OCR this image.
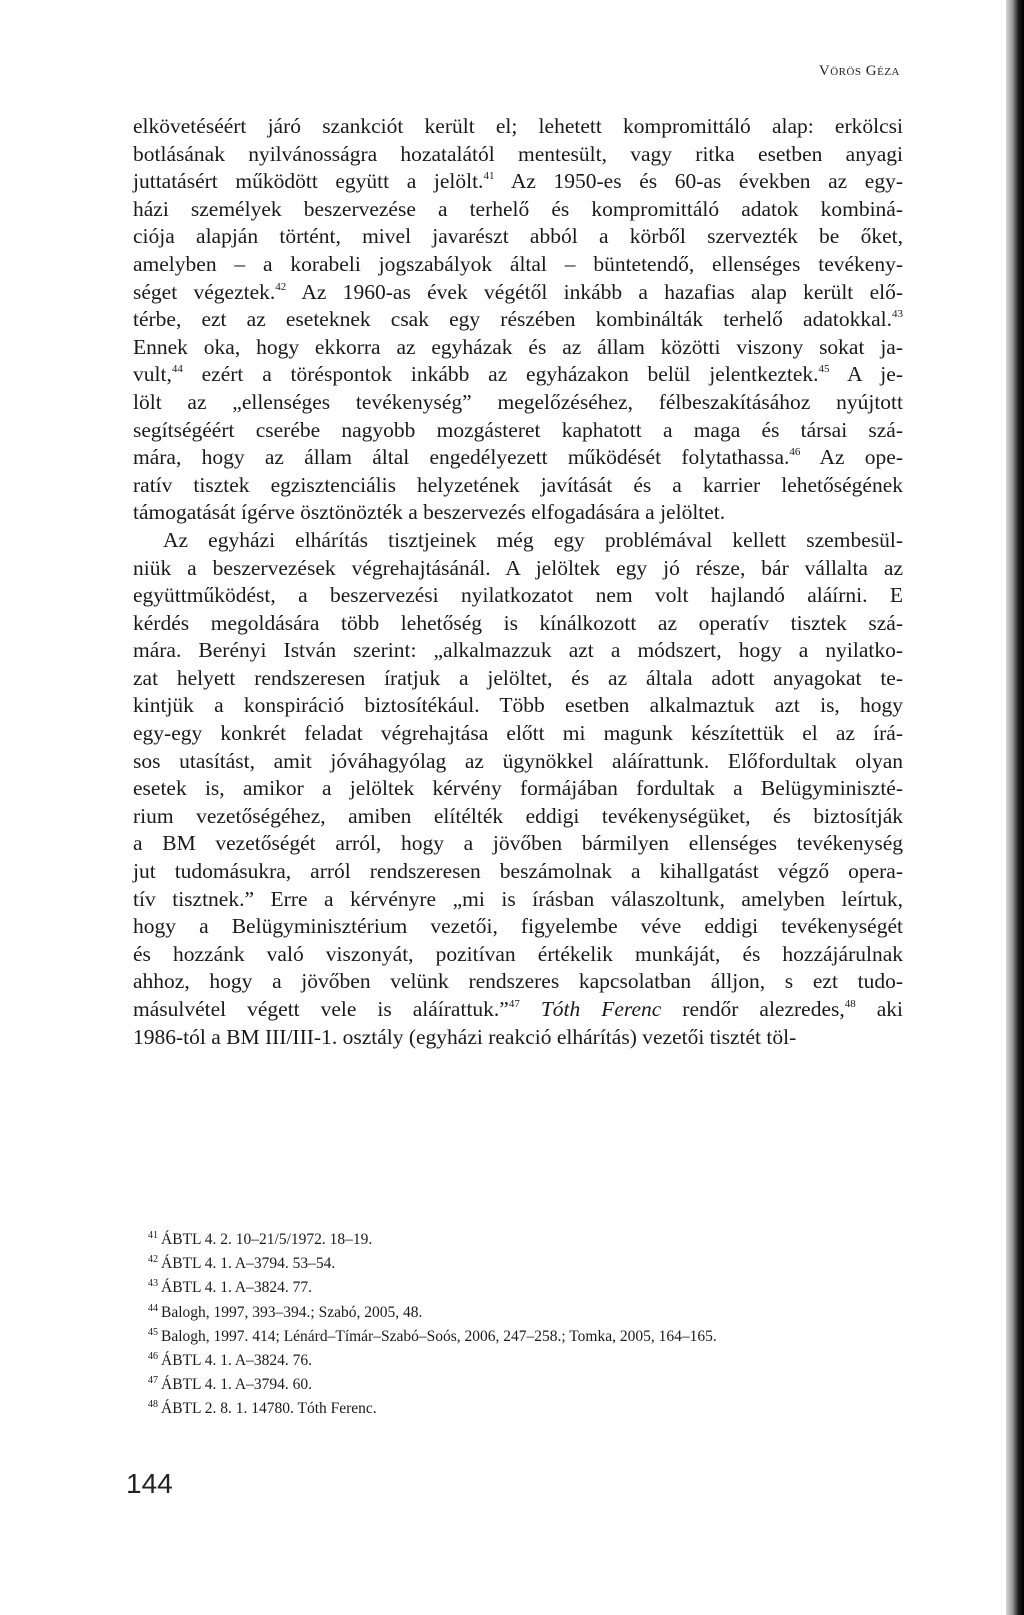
Vörös Géza
elkövetéséért járó szankciót került el; lehetett kompromittáló alap: erkölcsi
botlásának nyilvánosságra hozatalától mentesült, vagy ritka esetben anyagi
juttatásért működött együtt a jelölt.$^{41}$ Az 1950-es és 60-as években az egy-
házi személyek beszervezése a terhelő és kompromittáló adatok kombiná-
ciója alapján történt, mivel javarészt abból a körből szervezték be őket,
amelyben – a korabeli jogszabályok által – büntetendő, ellenséges tevékeny-
séget végeztek.$^{42}$ Az 1960-as évek végétől inkább a hazafias alap került elő-
térbe, ezt az eseteknek csak egy részében kombinálták terhelő adatokkal.$^{43}$
Ennek oka, hogy ekkorra az egyházak és az állam közötti viszony sokat ja-
vult,$^{44}$ ezért a töréspontok inkább az egyházakon belül jelentkeztek.$^{45}$ A je-
lölt az „ellenséges tevékenység” megelőzéséhez, félbeszakításához nyújtott
segítségéért cserébe nagyobb mozgásteret kaphatott a maga és társai szá-
mára, hogy az állam által engedélyezett működését folytathassa.$^{46}$ Az ope-
ratív tisztek egzisztenciális helyzetének javítását és a karrier lehetőségének
támogatását ígérve ösztönözték a beszervezés elfogadására a jelöltet.
Az egyházi elhárítás tisztjeinek még egy problémával kellett szembesül-
niük a beszervezések végrehajtásánál. A jelöltek egy jó része, bár vállalta az
együttműködést, a beszervezési nyilatkozatot nem volt hajlandó aláírni. E
kérdés megoldására több lehetőség is kínálkozott az operatív tisztek szá-
mára. Berényi István szerint: „alkalmazzuk azt a módszert, hogy a nyilatko-
zat helyett rendszeresen íratjuk a jelöltet, és az általa adott anyagokat te-
kintjük a konspiráció biztosítékául. Több esetben alkalmaztuk azt is, hogy
egy-egy konkrét feladat végrehajtása előtt mi magunk készítettük el az írá-
sos utasítást, amit jóváhagyólag az ügynökkel aláírattunk. Előfordultak olyan
esetek is, amikor a jelöltek kérvény formájában fordultak a Belügyminiszté-
rium vezetőségéhez, amiben elítélték eddigi tevékenységüket, és biztosítják
a BM vezetőségét arról, hogy a jövőben bármilyen ellenséges tevékenység
jut tudomásukra, arról rendszeresen beszámolnak a kihallgatást végző opera-
tív tisztnek.” Erre a kérvényre „mi is írásban válaszoltunk, amelyben leírtuk,
hogy a Belügyminisztérium vezetői, figyelembe véve eddigi tevékenységét
és hozzánk való viszonyát, pozitívan értékelik munkáját, és hozzájárulnak
ahhoz, hogy a jövőben velünk rendszeres kapcsolatban álljon, s ezt tudo-
másulvétel végett vele is aláírattuk.”$^{47}$ Tóth Ferenc rendőr alezredes,$^{48}$ aki
1986-tól a BM III/III-1. osztály (egyházi reakció elhárítás) vezetői tisztét töl-
$^{41}$ ÁBTL 4. 2. 10–21/5/1972. 18–19.
$^{42}$ ÁBTL 4. 1. A–3794. 53–54.
$^{43}$ ÁBTL 4. 1. A–3824. 77.
$^{44}$ Balogh, 1997, 393–394.; Szabó, 2005, 48.
$^{45}$ Balogh, 1997. 414; Lénárd–Tímár–Szabó–Soós, 2006, 247–258.; Tomka, 2005, 164–165.
$^{46}$ ÁBTL 4. 1. A–3824. 76.
$^{47}$ ÁBTL 4. 1. A–3794. 60.
$^{48}$ ÁBTL 2. 8. 1. 14780. Tóth Ferenc.
144
